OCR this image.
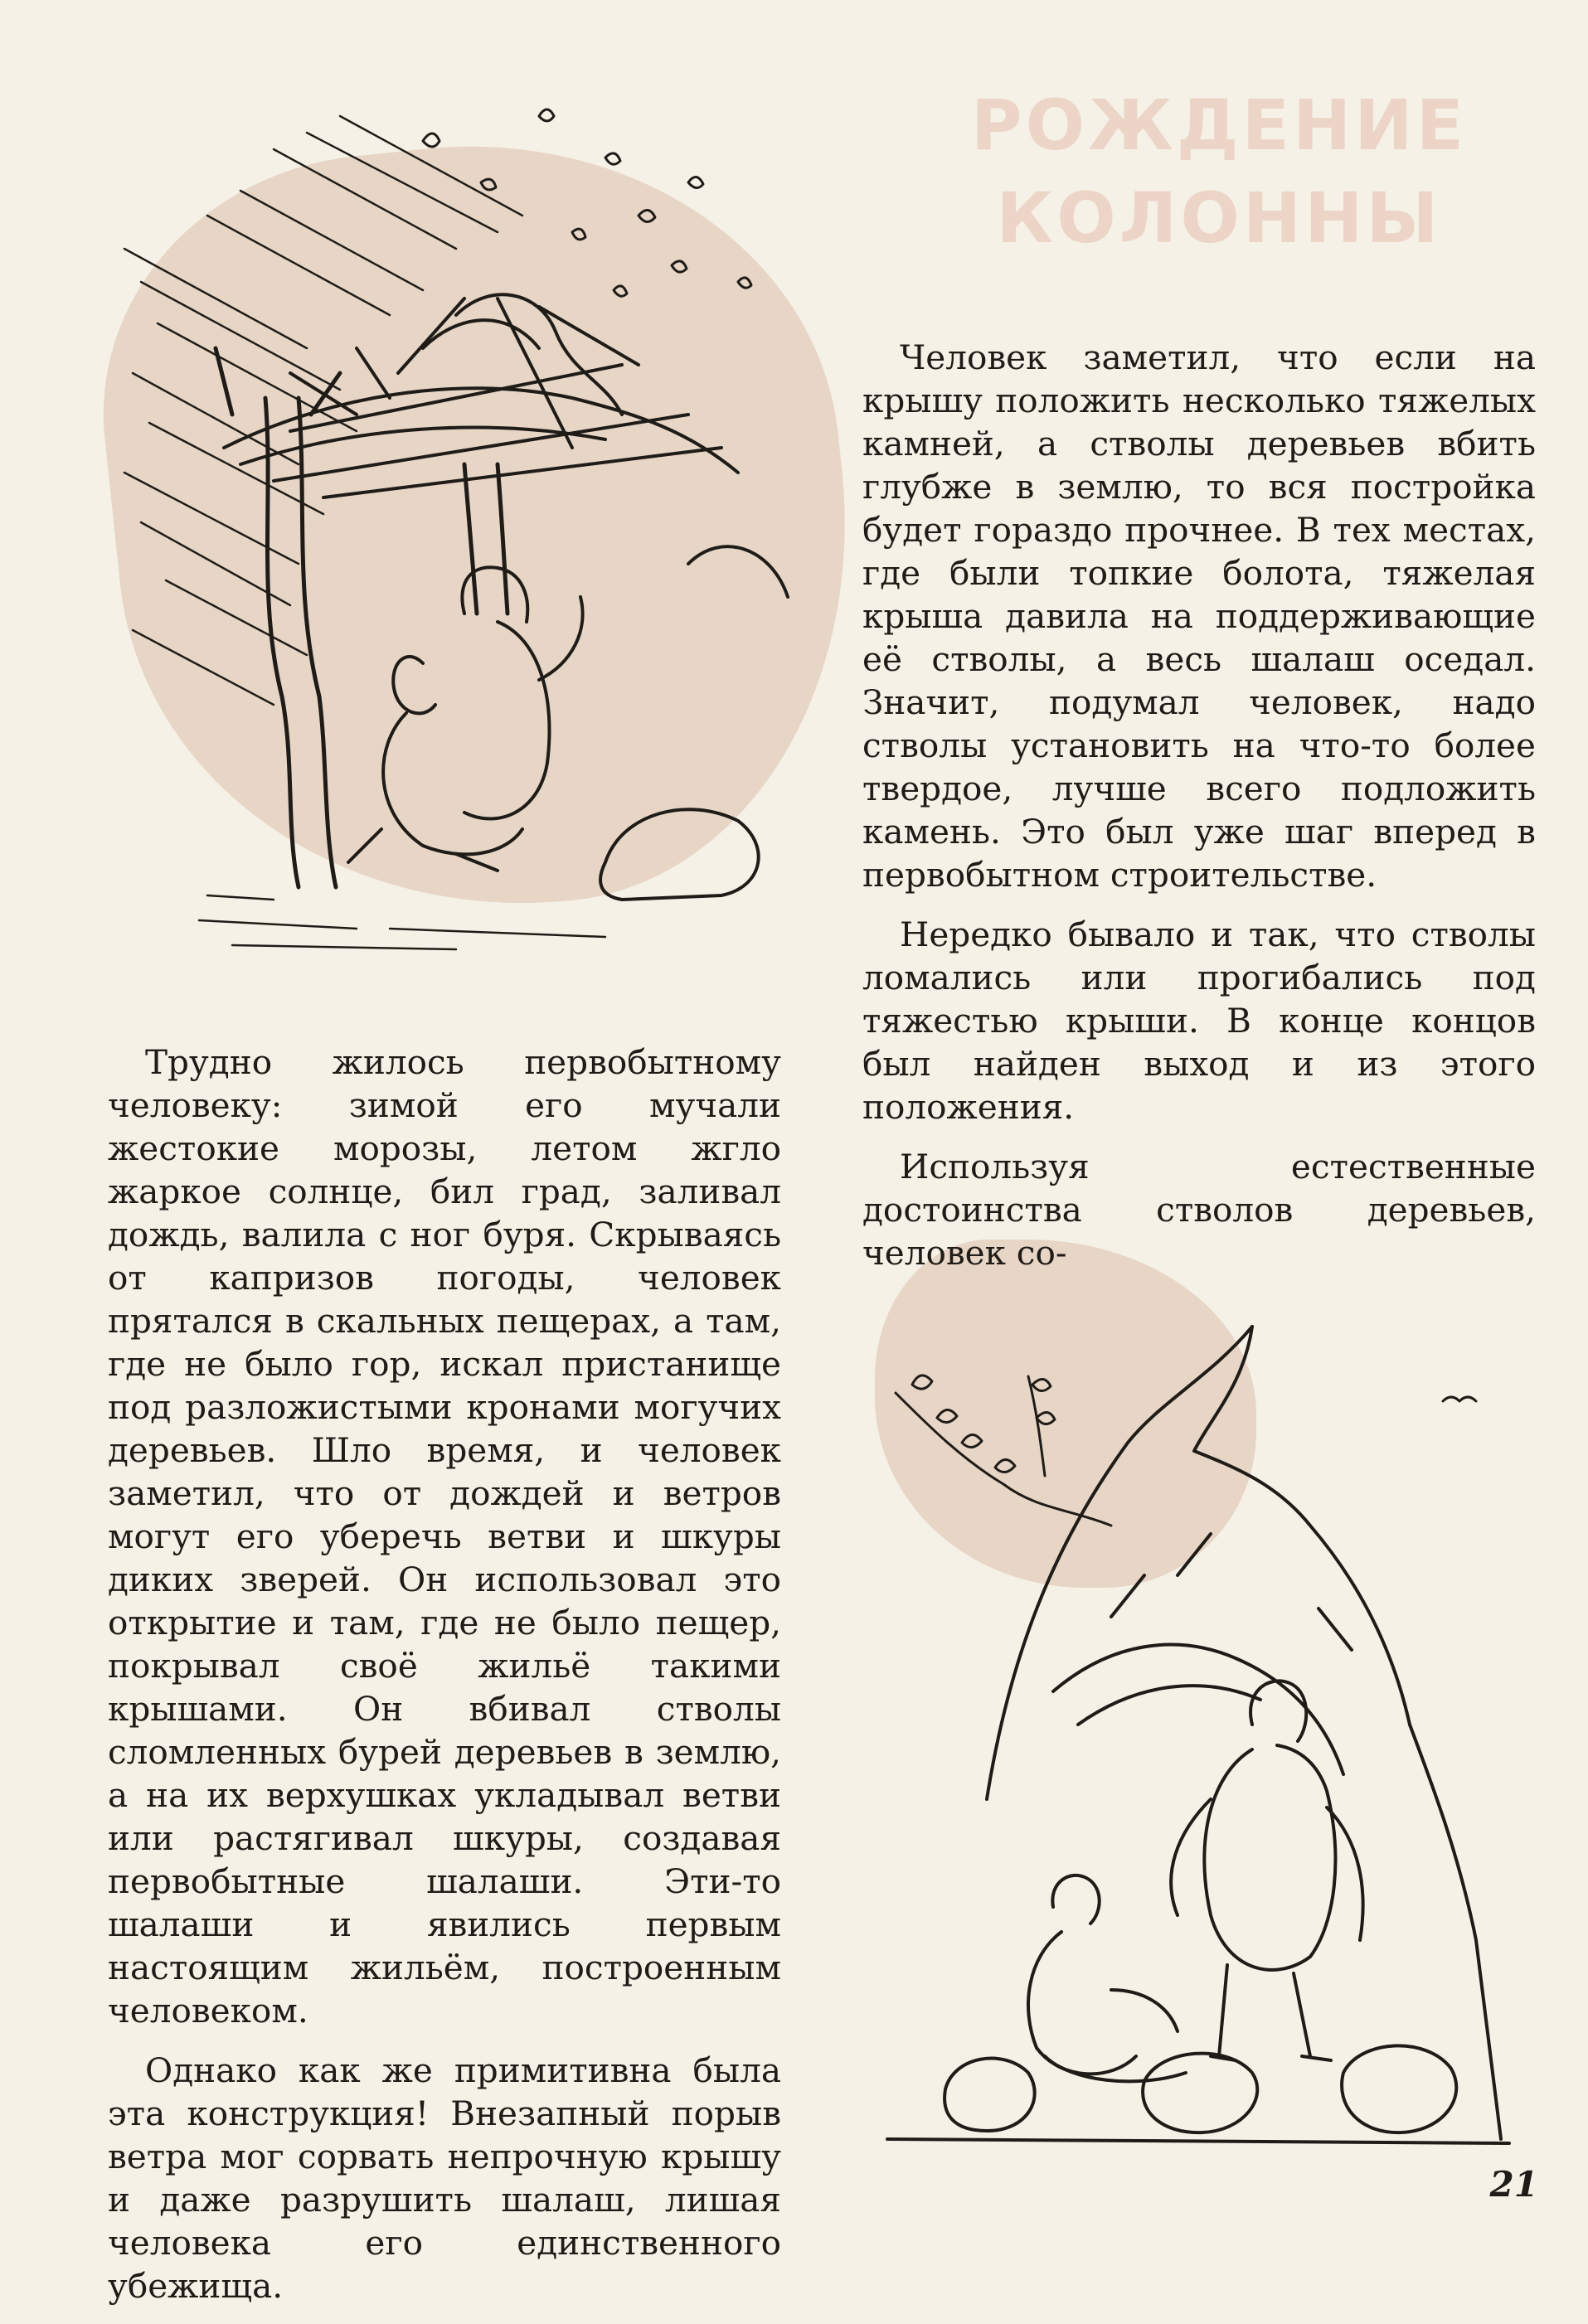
РОЖДЕНИЕ
КОЛОННЫ

Человек заметил, что если на крышу положить несколько тяжелых камней, а стволы деревьев вбить глубже в землю, то вся постройка будет гораздо прочнее. В тех местах, где были топкие болота, тяжелая крыша давила на поддерживающие её стволы, а весь шалаш оседал. Значит, подумал человек, надо стволы установить на что-то более твердое, лучше всего подложить камень. Это был уже шаг вперед в первобытном строительстве.

Нередко бывало и так, что стволы ломались или прогибались под тяжестью крыши. В конце концов был найден выход и из этого положения.

Используя естественные достоинства стволов деревьев, человек со-

Трудно жилось первобытному человеку: зимой его мучали жестокие морозы, летом жгло жаркое солнце, бил град, заливал дождь, валила с ног буря. Скрываясь от капризов погоды, человек прятался в скальных пещерах, а там, где не было гор, искал пристанище под разложистыми кронами могучих деревьев. Шло время, и человек заметил, что от дождей и ветров могут его уберечь ветви и шкуры диких зверей. Он использовал это открытие и там, где не было пещер, покрывал своё жильё такими крышами. Он вбивал стволы сломленных бурей деревьев в землю, а на их верхушках укладывал ветви или растягивал шкуры, создавая первобытные шалаши. Эти-то шалаши и явились первым настоящим жильём, построенным человеком.

Однако как же примитивна была эта конструкция! Внезапный порыв ветра мог сорвать непрочную крышу и даже разрушить шалаш, лишая человека его единственного убежища.

21
